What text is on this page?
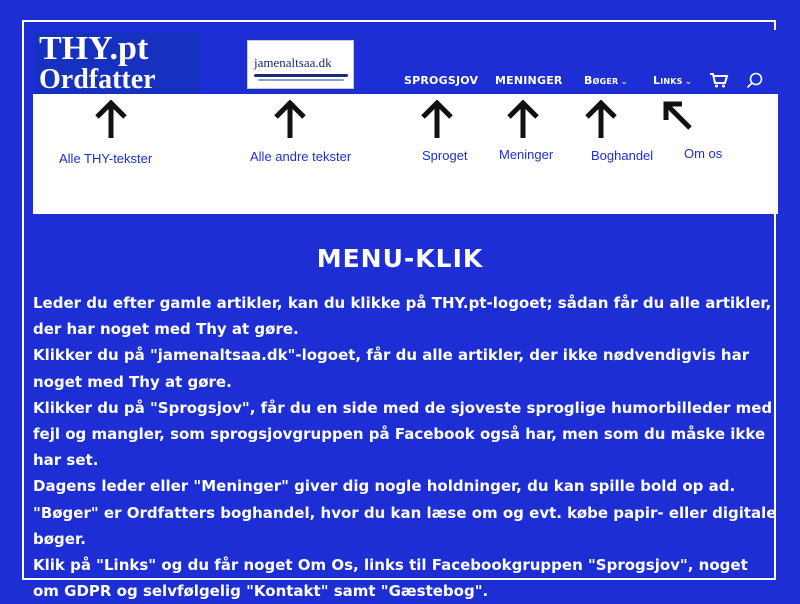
THY.pt
Ordfatter
jamenaltsaa.dk
SPROGSJOV MENINGER Bøger ⌄ Links ⌄
Alle THY-tekster	Alle andre tekster	Sproget Meninger	Boghandel Om os
MENU-KLIK

Leder du efter gamle artikler, kan du klikke på THY.pt-logoet; sådan får du alle artikler, der har noget med Thy at gøre.

Klikker du på "jamenaltsaa.dk"-logoet, får du alle artikler, der ikke nødvendigvis har noget med Thy at gøre.

Klikker du på "Sprogsjov", får du en side med de sjoveste sproglige humorbilleder med fejl og mangler, som sprogsjovgruppen på Facebook også har, men som du måske ikke har set.

Dagens leder eller "Meninger" giver dig nogle holdninger, du kan spille bold op ad.

"Bøger" er Ordfatters boghandel, hvor du kan læse om og evt. købe papir- eller digitale bøger.

Klik på "Links" og du får noget Om Os, links til Facebookgruppen "Sprogsjov", noget om GDPR og selvfølgelig "Kontakt" samt "Gæstebog".
